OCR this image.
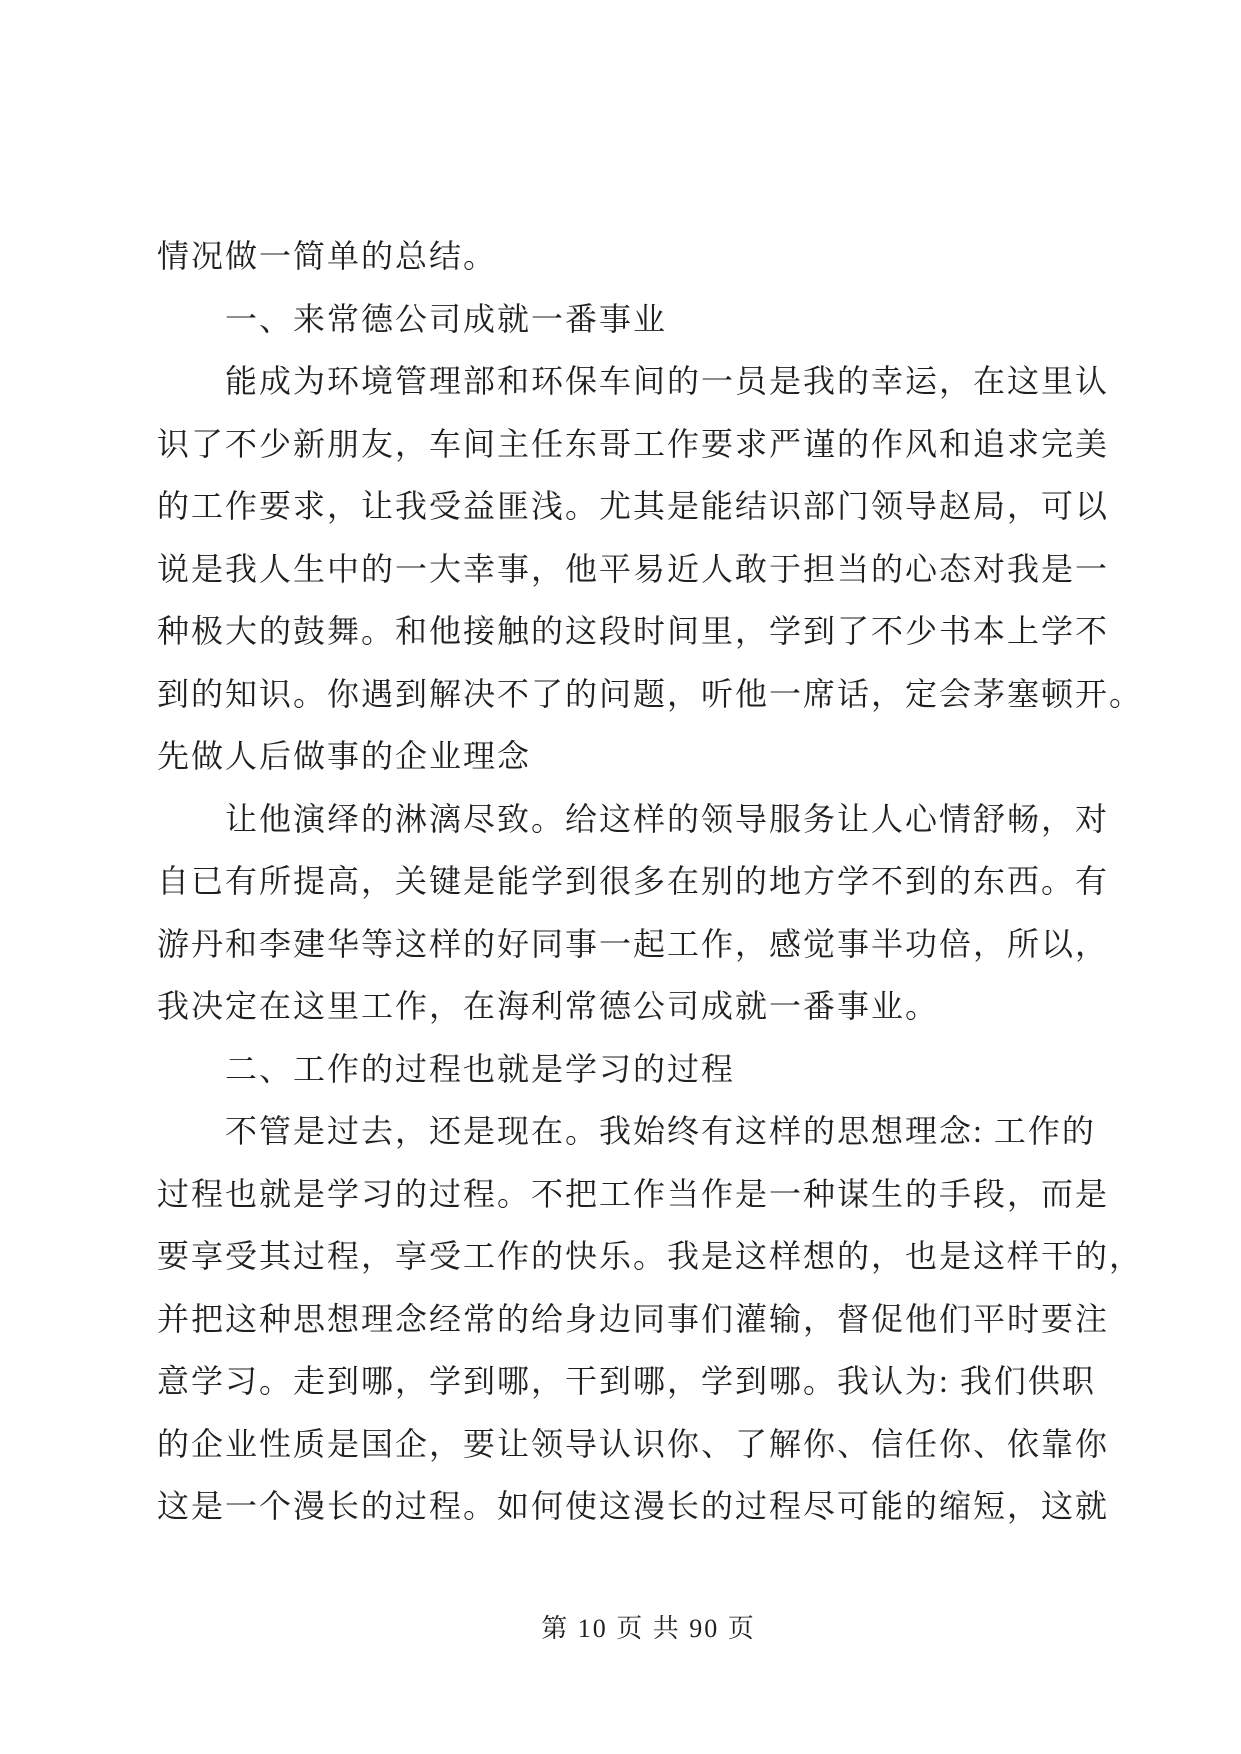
情况做一简单的总结。
一、来常德公司成就一番事业
能成为环境管理部和环保车间的一员是我的幸运，在这里认
识了不少新朋友，车间主任东哥工作要求严谨的作风和追求完美
的工作要求，让我受益匪浅。尤其是能结识部门领导赵局，可以
说是我人生中的一大幸事，他平易近人敢于担当的心态对我是一
种极大的鼓舞。和他接触的这段时间里，学到了不少书本上学不
到的知识。你遇到解决不了的问题，听他一席话，定会茅塞顿开。
先做人后做事的企业理念
让他演绎的淋漓尽致。给这样的领导服务让人心情舒畅，对
自已有所提高，关键是能学到很多在别的地方学不到的东西。有
游丹和李建华等这样的好同事一起工作，感觉事半功倍，所以，
我决定在这里工作，在海利常德公司成就一番事业。
二、工作的过程也就是学习的过程
不管是过去，还是现在。我始终有这样的思想理念: 工作的
过程也就是学习的过程。不把工作当作是一种谋生的手段，而是
要享受其过程，享受工作的快乐。我是这样想的，也是这样干的，
并把这种思想理念经常的给身边同事们灌输，督促他们平时要注
意学习。走到哪，学到哪，干到哪，学到哪。我认为: 我们供职
的企业性质是国企，要让领导认识你、了解你、信任你、依靠你
这是一个漫长的过程。如何使这漫长的过程尽可能的缩短，这就
第 10 页 共 90 页
